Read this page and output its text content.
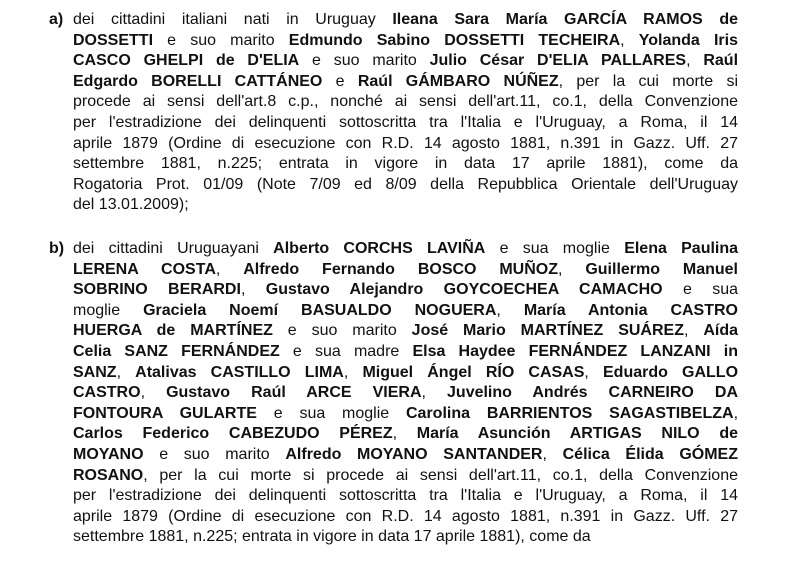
a) dei cittadini italiani nati in Uruguay Ileana Sara María GARCÍA RAMOS de
DOSSETTI e suo marito Edmundo Sabino DOSSETTI TECHEIRA, Yolanda Iris
CASCO GHELPI de D'ELIA e suo marito Julio César D'ELIA PALLARES, Raúl
Edgardo BORELLI CATTÁNEO e Raúl GÁMBARO NÚÑEZ, per la cui morte si
procede ai sensi dell'art.8 c.p., nonché ai sensi dell'art.11, co.1, della Convenzione
per l'estradizione dei delinquenti sottoscritta tra l'Italia e l'Uruguay, a Roma, il 14
aprile 1879 (Ordine di esecuzione con R.D. 14 agosto 1881, n.391 in Gazz. Uff. 27
settembre 1881, n.225; entrata in vigore in data 17 aprile 1881), come da
Rogatoria Prot. 01/09 (Note 7/09 ed 8/09 della Repubblica Orientale dell'Uruguay
del 13.01.2009);
b) dei cittadini Uruguayani Alberto CORCHS LAVIÑA e sua moglie Elena Paulina
LERENA COSTA, Alfredo Fernando BOSCO MUÑOZ, Guillermo Manuel
SOBRINO BERARDI, Gustavo Alejandro GOYCOECHEA CAMACHO e sua
moglie Graciela Noemí BASUALDO NOGUERA, María Antonia CASTRO
HUERGA de MARTÍNEZ e suo marito José Mario MARTÍNEZ SUÁREZ, Aída
Celia SANZ FERNÁNDEZ e sua madre Elsa Haydee FERNÁNDEZ LANZANI in
SANZ, Atalivas CASTILLO LIMA, Miguel Ángel RÍO CASAS, Eduardo GALLO
CASTRO, Gustavo Raúl ARCE VIERA, Juvelino Andrés CARNEIRO DA
FONTOURA GULARTE e sua moglie Carolina BARRIENTOS SAGASTIBELZA,
Carlos Federico CABEZUDO PÉREZ, María Asunción ARTIGAS NILO de
MOYANO e suo marito Alfredo MOYANO SANTANDER, Célica Élida GÓMEZ
ROSANO, per la cui morte si procede ai sensi dell'art.11, co.1, della Convenzione
per l'estradizione dei delinquenti sottoscritta tra l'Italia e l'Uruguay, a Roma, il 14
aprile 1879 (Ordine di esecuzione con R.D. 14 agosto 1881, n.391 in Gazz. Uff. 27
settembre 1881, n.225; entrata in vigore in data 17 aprile 1881), come da
